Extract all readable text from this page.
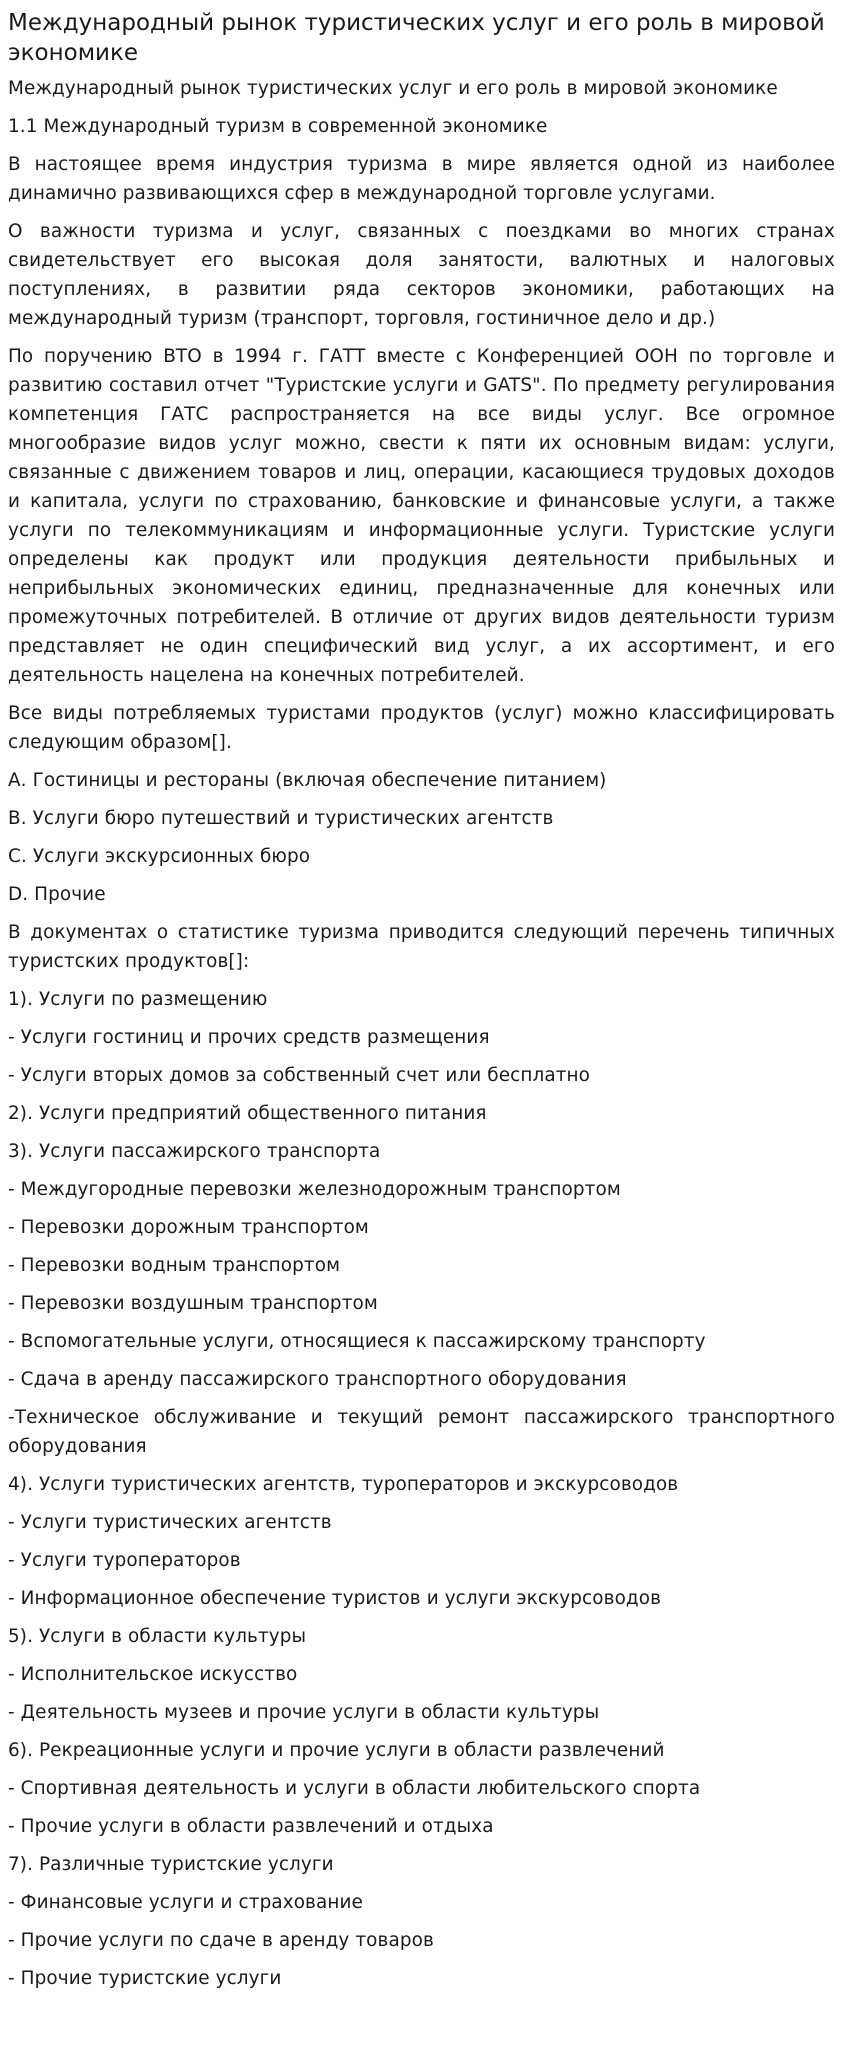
Международный рынок туристических услуг и его роль в мировой экономике

Международный рынок туристических услуг и его роль в мировой экономике

1.1 Международный туризм в современной экономике

В настоящее время индустрия туризма в мире является одной из наиболее динамично развивающихся сфер в международной торговле услугами.

О важности туризма и услуг, связанных с поездками во многих странах свидетельствует его высокая доля занятости, валютных и налоговых поступлениях, в развитии ряда секторов экономики, работающих на международный туризм (транспорт, торговля, гостиничное дело и др.)

По поручению ВТО в 1994 г. ГАТТ вместе с Конференцией ООН по торговле и развитию составил отчет "Туристские услуги и GATS". По предмету регулирования компетенция ГАТС распространяется на все виды услуг. Все огромное многообразие видов услуг можно, свести к пяти их основным видам: услуги, связанные с движением товаров и лиц, операции, касающиеся трудовых доходов и капитала, услуги по страхованию, банковские и финансовые услуги, а также услуги по телекоммуникациям и информационные услуги. Туристские услуги определены как продукт или продукция деятельности прибыльных и неприбыльных экономических единиц, предназначенные для конечных или промежуточных потребителей. В отличие от других видов деятельности туризм представляет не один специфический вид услуг, а их ассортимент, и его деятельность нацелена на конечных потребителей.

Все виды потребляемых туристами продуктов (услуг) можно классифицировать следующим образом[].

А. Гостиницы и рестораны (включая обеспечение питанием)

В. Услуги бюро путешествий и туристических агентств

С. Услуги экскурсионных бюро

D. Прочие

В документах о статистике туризма приводится следующий перечень типичных туристских продуктов[]:

1). Услуги по размещению

- Услуги гостиниц и прочих средств размещения

- Услуги вторых домов за собственный счет или бесплатно

2). Услуги предприятий общественного питания

3). Услуги пассажирского транспорта

- Междугородные перевозки железнодорожным транспортом

- Перевозки дорожным транспортом

- Перевозки водным транспортом

- Перевозки воздушным транспортом

- Вспомогательные услуги, относящиеся к пассажирскому транспорту

- Сдача в аренду пассажирского транспортного оборудования

-Техническое обслуживание и текущий ремонт пассажирского транспортного оборудования

4). Услуги туристических агентств, туроператоров и экскурсоводов

- Услуги туристических агентств

- Услуги туроператоров

- Информационное обеспечение туристов и услуги экскурсоводов

5). Услуги в области культуры

- Исполнительское искусство

- Деятельность музеев и прочие услуги в области культуры

6). Рекреационные услуги и прочие услуги в области развлечений

- Спортивная деятельность и услуги в области любительского спорта

- Прочие услуги в области развлечений и отдыха

7). Различные туристские услуги

- Финансовые услуги и страхование

- Прочие услуги по сдаче в аренду товаров

- Прочие туристские услуги
